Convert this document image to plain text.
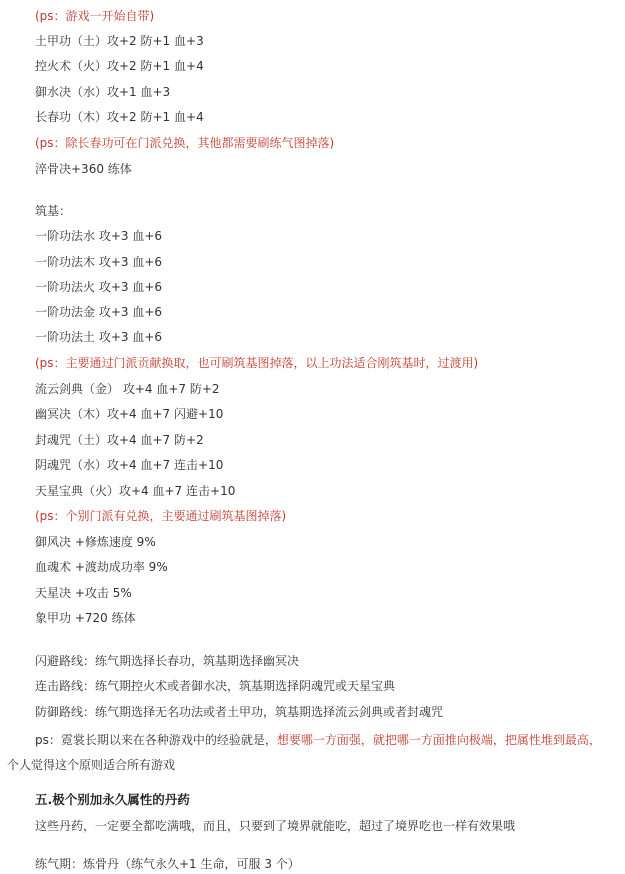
(ps：游戏一开始自带)
土甲功（土）攻+2 防+1 血+3
控火术（火）攻+2 防+1 血+4
御水决（水）攻+1 血+3
长春功（木）攻+2 防+1 血+4
(ps：除长春功可在门派兑换，其他都需要刷练气图掉落)
淬骨决+360 练体
筑基：
一阶功法水 攻+3 血+6
一阶功法木 攻+3 血+6
一阶功法火 攻+3 血+6
一阶功法金 攻+3 血+6
一阶功法土 攻+3 血+6
(ps：主要通过门派贡献换取，也可刷筑基图掉落，以上功法适合刚筑基时，过渡用)
流云剑典（金） 攻+4 血+7 防+2
幽冥决（木）攻+4 血+7 闪避+10
封魂咒（土）攻+4 血+7 防+2
阴魂咒（水）攻+4 血+7 连击+10
天星宝典（火）攻+4 血+7 连击+10
(ps：个别门派有兑换，主要通过刷筑基图掉落)
御风决 +修炼速度 9%
血魂术 +渡劫成功率 9%
天星决 +攻击 5%
象甲功 +720 练体
闪避路线：练气期选择长春功，筑基期选择幽冥决
连击路线：练气期控火术或者御水决，筑基期选择阴魂咒或天星宝典
防御路线：练气期选择无名功法或者土甲功，筑基期选择流云剑典或者封魂咒
ps：霓裳长期以来在各种游戏中的经验就是，想要哪一方面强，就把哪一方面推向极端，把属性堆到最高，
个人觉得这个原则适合所有游戏
五.极个别加永久属性的丹药
这些丹药，一定要全都吃满哦，而且，只要到了境界就能吃，超过了境界吃也一样有效果哦
练气期：炼骨丹（练气永久+1 生命，可服 3 个）
